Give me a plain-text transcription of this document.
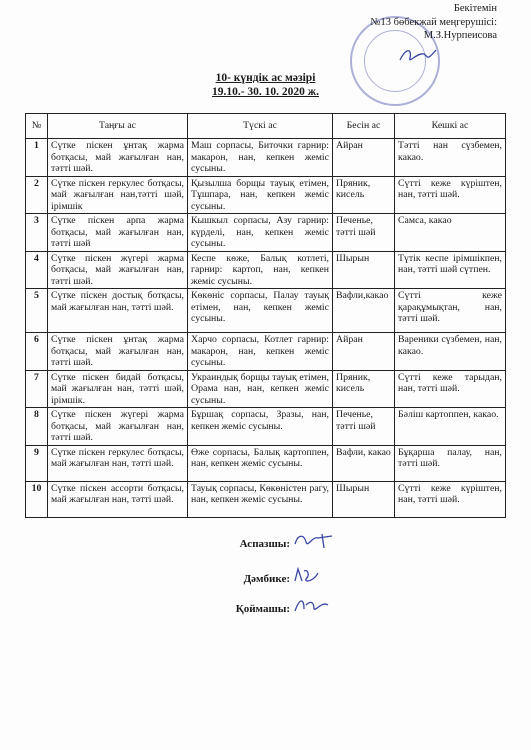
Бекітемін
№13 бөбекжай меңгерушісі:
М.З.Нурпеисова
10- күндік ас мәзірі
19.10.- 30. 10. 2020 ж.
№	Таңғы ас	Түскі ас	Бесін ас	Кешкі ас
1	Сүтке піскен ұнтақ жарма ботқасы, май жағылған нан, тәтті шәй.	Маш сорпасы, Биточки гарнир: макарон, нан, кепкен жеміс сусыны.	Айран	Тәтті нан сүзбемен, какао.
2	Сүтке піскен геркулес ботқасы, май жағылған нан,тәтті шәй, ірімшік	Қызылша борщы тауық етімен, Тұшпара, нан, кепкен жеміс сусыны.	Пряник, кисель	Сүтті кеже күріштен, нан, тәтті шәй.
3	Сүтке піскен арпа жарма ботқасы, май жағылған нан, тәтті шәй	Кышкыл сорпасы, Азу гарнир: күрделі, нан, кепкен жеміс сусыны.	Печенье, тәтті шәй	Самса, какао
4	Сүтке піскен жүгері жарма ботқасы, май жағылған нан, тәтті шәй.	Кеспе көже, Балық котлеті, гарнир: картоп, нан, кепкен жеміс сусыны.	Шырын	Түтік кеспе ірімшікпен, нан, тәтті шәй сүтпен.
5	Сүтке піскен достық ботқасы, май жағылған нан, тәтті шәй.	Көкөніс сорпасы, Палау тауық етімен, нан, кепкен жеміс сусыны.	Вафли,какао	Сүтті кеже қарақұмықтан, нан, тәтті шәй.
6	Сүтке піскен ұнтақ жарма ботқасы, май жағылған нан, тәтті шәй.	Харчо сорпасы, Котлет гарнир: макарон, нан, кепкен жеміс сусыны.	Айран	Вареники сүзбемен, нан, какао.
7	Сүтке піскен бидай ботқасы, май жағылған нан, тәтті шәй, ірімшік.	Украиндық борщы тауық етімен, Орама нан, нан, кепкен жеміс сусыны.	Пряник, кисель	Сүтті кеже тарыдан, нан, тәтті шәй.
8	Сүтке піскен жүгері жарма ботқасы, май жағылған нан, тәтті шәй.	Бұршақ сорпасы, Зразы, нан, кепкен жеміс сусыны.	Печенье, тәтті шәй	Бәліш картоппен, какао.
9	Сүтке піскен геркулес ботқасы, май жағылған нан, тәтті шәй.	Өже сорпасы, Балық картоппен, нан, кепкен жеміс сусыны.	Вафли, какао	Бұқарша палау, нан, тәтті шәй.
10	Сүтке піскен ассорти ботқасы, май жағылған нан, тәтті шәй.	Тауық сорпасы, Көкөністен рагу, нан, кепкен жеміс сусыны.	Шырын	Сүтті кеже күріштен, нан, тәтті шәй.
Аспазшы:
Дәмбике:
Қоймашы:
